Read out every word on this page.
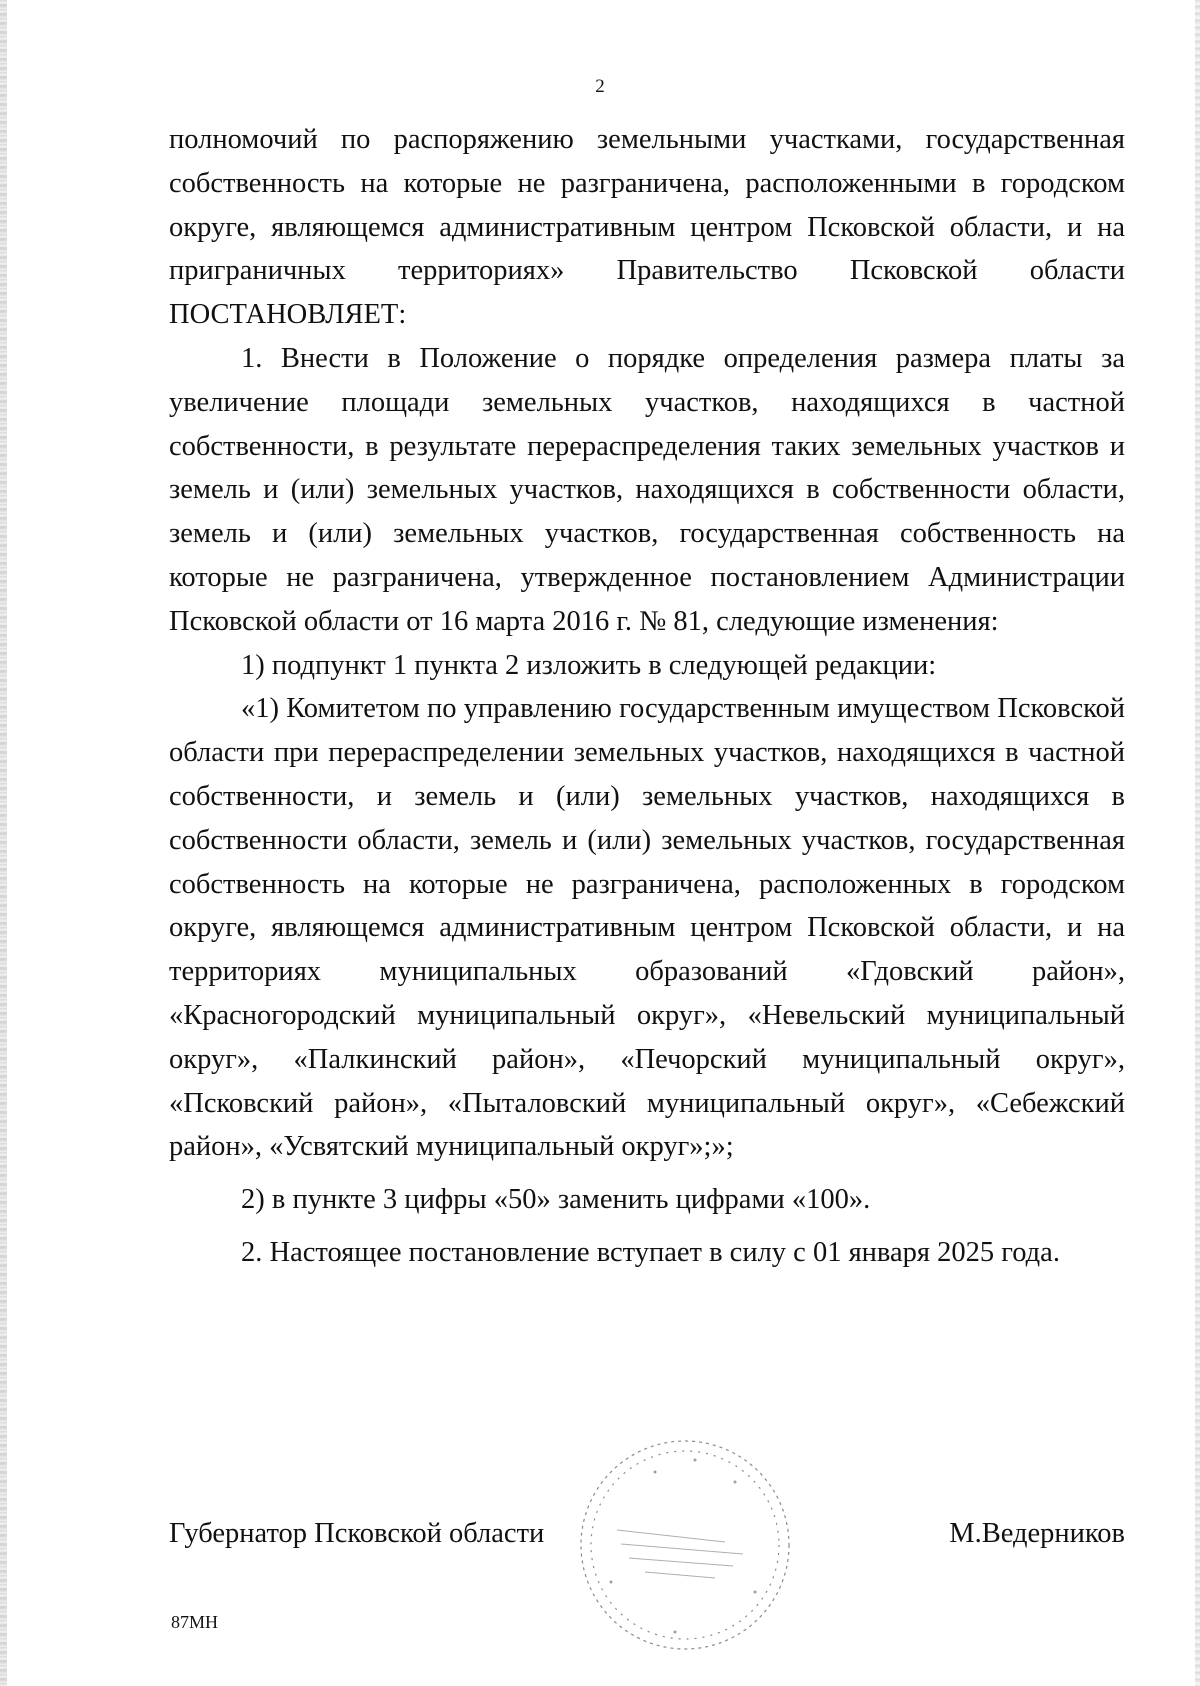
2

полномочий по распоряжению земельными участками, государственная собственность на которые не разграничена, расположенными в городском округе, являющемся административным центром Псковской области, и на приграничных территориях» Правительство Псковской области ПОСТАНОВЛЯЕТ:

1. Внести в Положение о порядке определения размера платы за увеличение площади земельных участков, находящихся в частной собственности, в результате перераспределения таких земельных участков и земель и (или) земельных участков, находящихся в собственности области, земель и (или) земельных участков, государственная собственность на которые не разграничена, утвержденное постановлением Администрации Псковской области от 16 марта 2016 г. № 81, следующие изменения:

1) подпункт 1 пункта 2 изложить в следующей редакции:

«1) Комитетом по управлению государственным имуществом Псковской области при перераспределении земельных участков, находящихся в частной собственности, и земель и (или) земельных участков, находящихся в собственности области, земель и (или) земельных участков, государственная собственность на которые не разграничена, расположенных в городском округе, являющемся административным центром Псковской области, и на территориях муниципальных образований «Гдовский район», «Красногородский муниципальный округ», «Невельский муниципальный округ», «Палкинский район», «Печорский муниципальный округ», «Псковский район», «Пыталовский муниципальный округ», «Себежский район», «Усвятский муниципальный округ»;»;

2) в пункте 3 цифры «50» заменить цифрами «100».

2. Настоящее постановление вступает в силу с 01 января 2025 года.

Губернатор Псковской области	М.Ведерников
87МН
